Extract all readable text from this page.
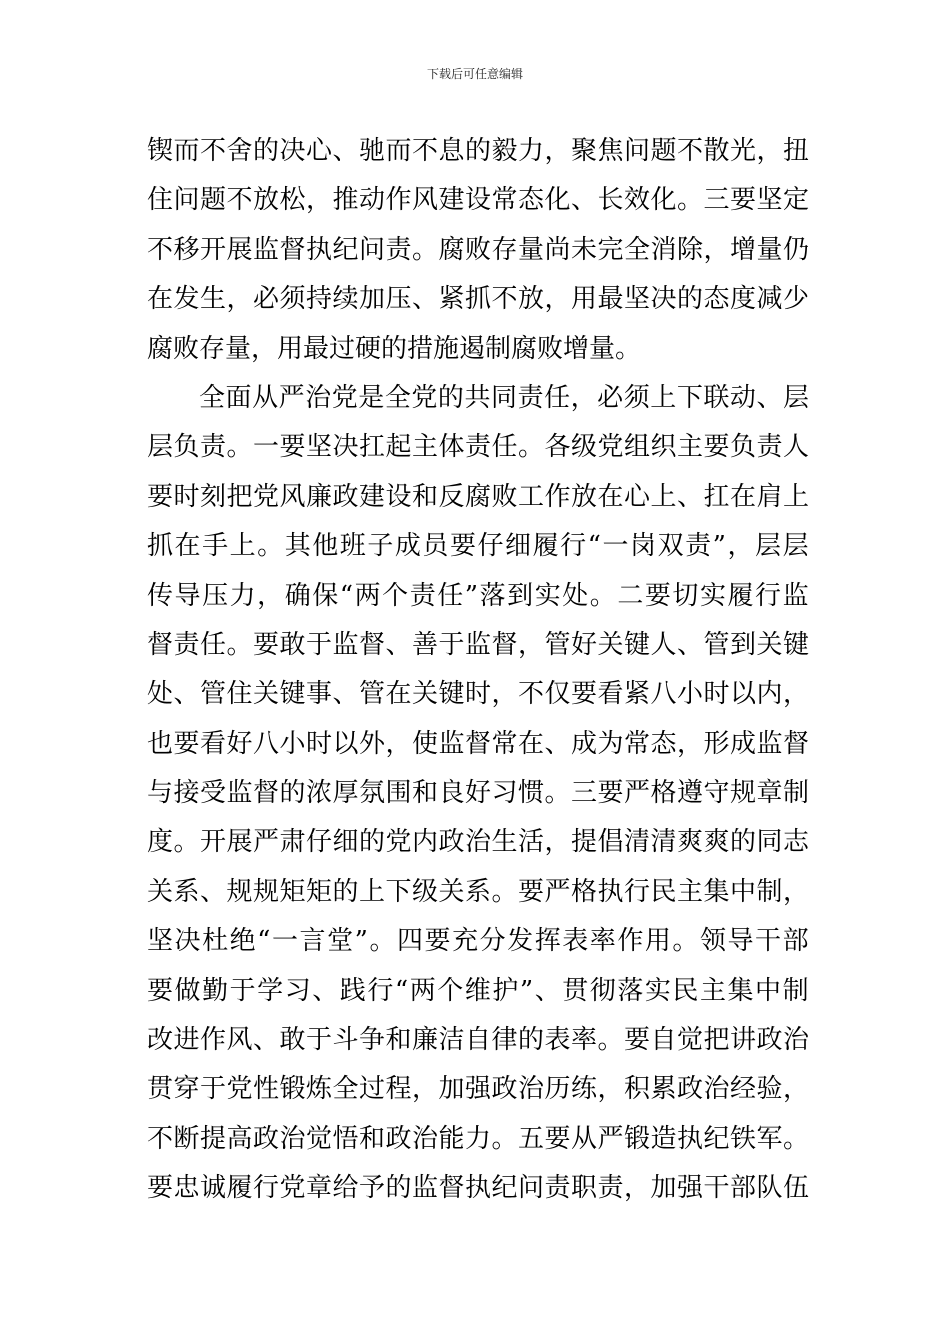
下载后可任意编辑
锲而不舍的决心、驰而不息的毅力，聚焦问题不散光，扭
住问题不放松，推动作风建设常态化、长效化。三要坚定
不移开展监督执纪问责。腐败存量尚未完全消除，增量仍
在发生，必须持续加压、紧抓不放，用最坚决的态度减少
腐败存量，用最过硬的措施遏制腐败增量。
全面从严治党是全党的共同责任，必须上下联动、层
层负责。一要坚决扛起主体责任。各级党组织主要负责人
要时刻把党风廉政建设和反腐败工作放在心上、扛在肩上
抓在手上。其他班子成员要仔细履行“一岗双责”，层层
传导压力，确保“两个责任”落到实处。二要切实履行监
督责任。要敢于监督、善于监督，管好关键人、管到关键
处、管住关键事、管在关键时，不仅要看紧八小时以内，
也要看好八小时以外，使监督常在、成为常态，形成监督
与接受监督的浓厚氛围和良好习惯。三要严格遵守规章制
度。开展严肃仔细的党内政治生活，提倡清清爽爽的同志
关系、规规矩矩的上下级关系。要严格执行民主集中制，
坚决杜绝“一言堂”。四要充分发挥表率作用。领导干部
要做勤于学习、践行“两个维护”、贯彻落实民主集中制
改进作风、敢于斗争和廉洁自律的表率。要自觉把讲政治
贯穿于党性锻炼全过程，加强政治历练，积累政治经验，
不断提高政治觉悟和政治能力。五要从严锻造执纪铁军。
要忠诚履行党章给予的监督执纪问责职责，加强干部队伍
